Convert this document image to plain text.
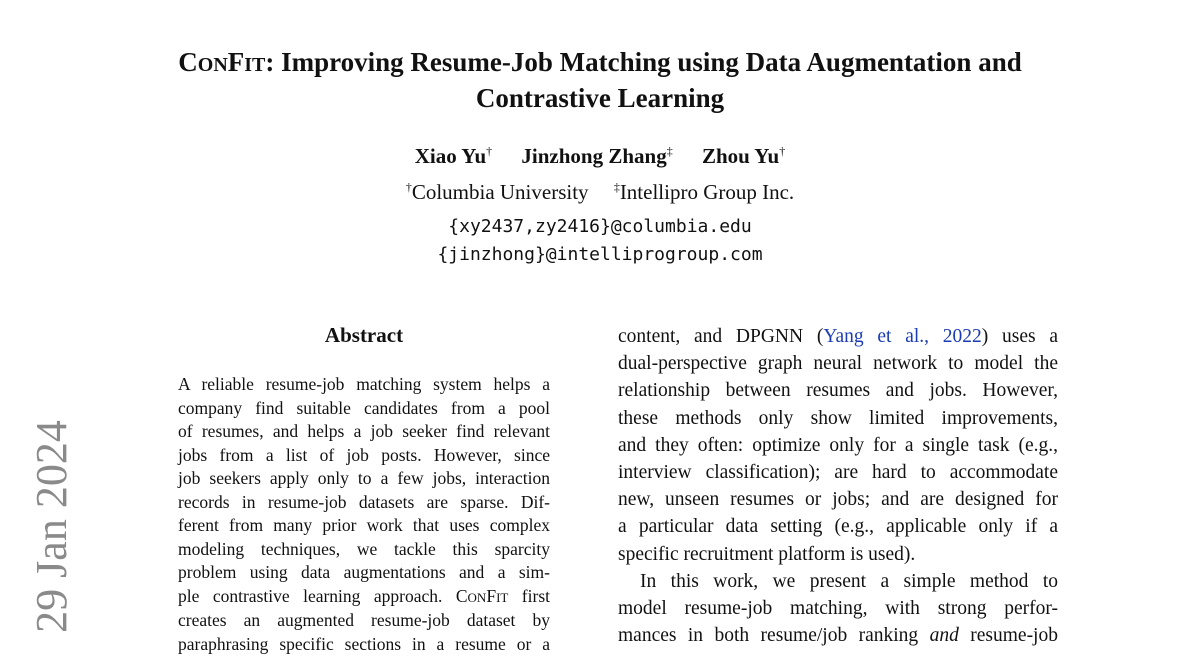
29 Jan 2024
CONFIT: Improving Resume-Job Matching using Data Augmentation and
Contrastive Learning
Xiao Yu† Jinzhong Zhang‡ Zhou Yu†
†Columbia University ‡Intellipro Group Inc.
{xy2437,zy2416}@columbia.edu
{jinzhong}@intelliprogroup.com
Abstract
A reliable resume-job matching system helps a
company find suitable candidates from a pool
of resumes, and helps a job seeker find relevant
jobs from a list of job posts. However, since
job seekers apply only to a few jobs, interaction
records in resume-job datasets are sparse. Dif-
ferent from many prior work that uses complex
modeling techniques, we tackle this sparcity
problem using data augmentations and a sim-
ple contrastive learning approach. CONFIT first
creates an augmented resume-job dataset by
paraphrasing specific sections in a resume or a
content, and DPGNN (Yang et al., 2022) uses a
dual-perspective graph neural network to model the
relationship between resumes and jobs. However,
these methods only show limited improvements,
and they often: optimize only for a single task (e.g.,
interview classification); are hard to accommodate
new, unseen resumes or jobs; and are designed for
a particular data setting (e.g., applicable only if a
specific recruitment platform is used).
In this work, we present a simple method to
model resume-job matching, with strong perfor-
mances in both resume/job ranking and resume-job
